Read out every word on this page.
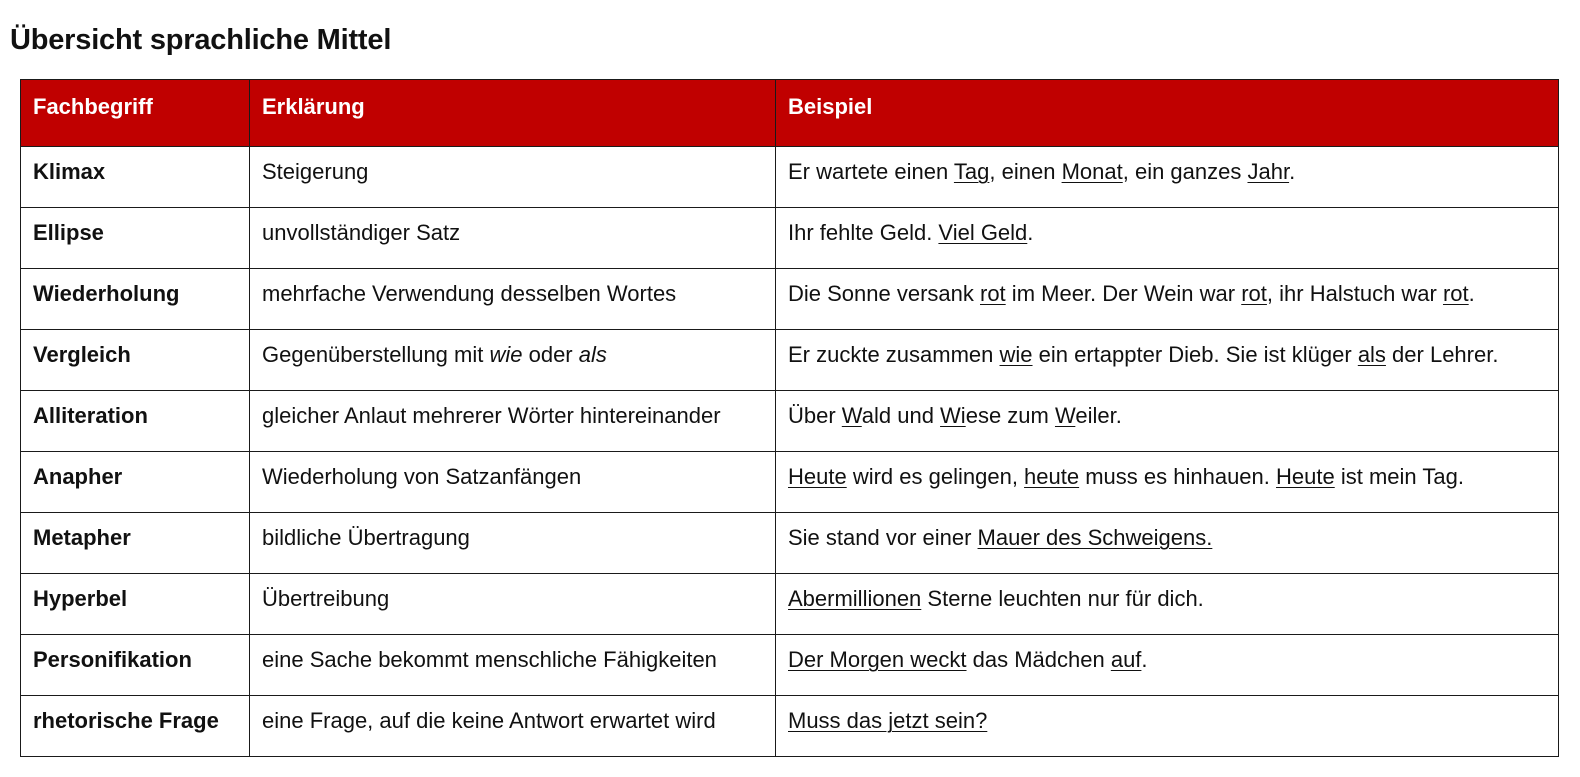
Übersicht sprachliche Mittel
Fachbegriff	Erklärung	Beispiel
Klimax	Steigerung	Er wartete einen Tag, einen Monat, ein ganzes Jahr.
Ellipse	unvollständiger Satz	Ihr fehlte Geld. Viel Geld.
Wiederholung	mehrfache Verwendung desselben Wortes	Die Sonne versank rot im Meer. Der Wein war rot, ihr Halstuch war rot.
Vergleich	Gegenüberstellung mit wie oder als	Er zuckte zusammen wie ein ertappter Dieb. Sie ist klüger als der Lehrer.
Alliteration	gleicher Anlaut mehrerer Wörter hintereinander	Über Wald und Wiese zum Weiler.
Anapher	Wiederholung von Satzanfängen	Heute wird es gelingen, heute muss es hinhauen. Heute ist mein Tag.
Metapher	bildliche Übertragung	Sie stand vor einer Mauer des Schweigens.
Hyperbel	Übertreibung	Abermillionen Sterne leuchten nur für dich.
Personifikation	eine Sache bekommt menschliche Fähigkeiten	Der Morgen weckt das Mädchen auf.
rhetorische Frage	eine Frage, auf die keine Antwort erwartet wird	Muss das jetzt sein?
